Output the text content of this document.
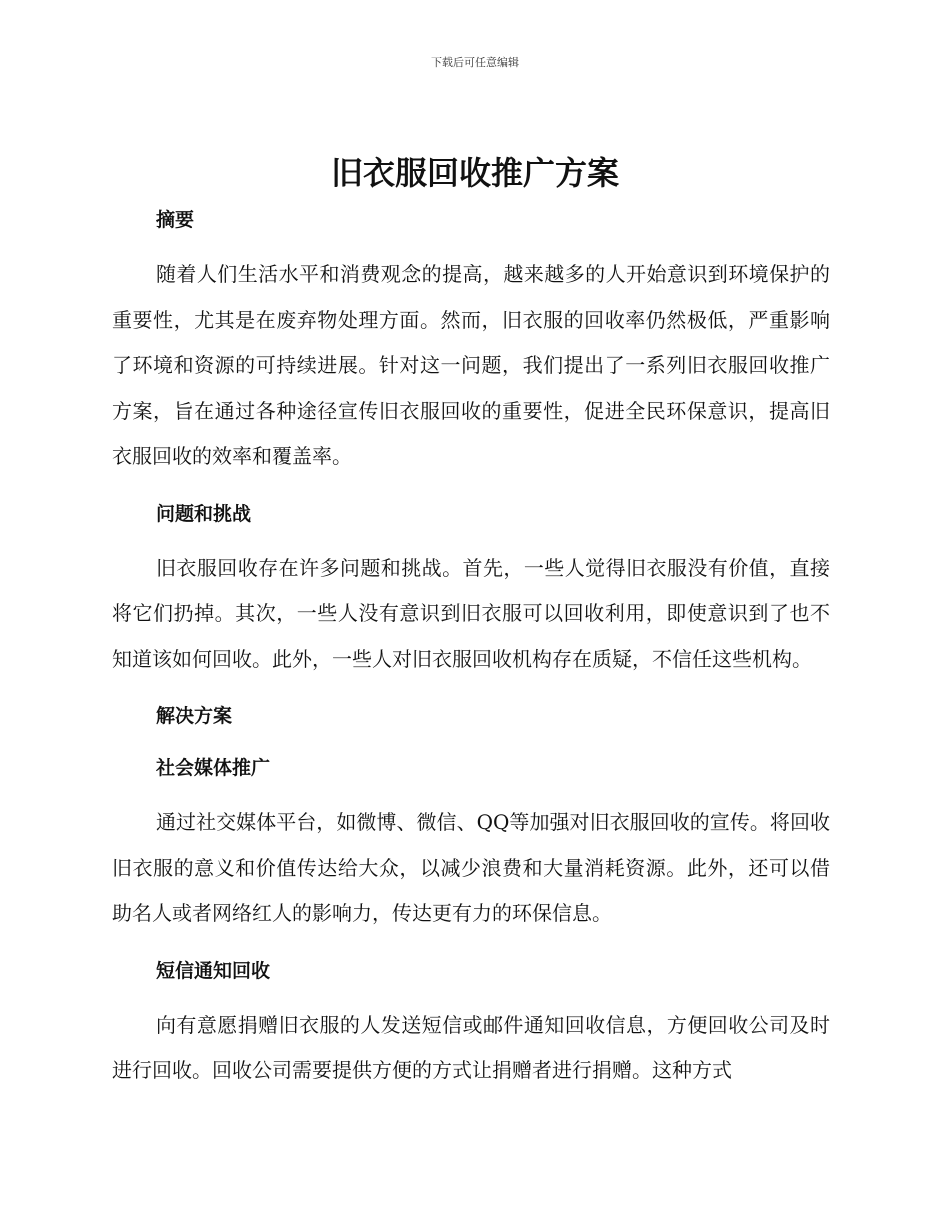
下载后可任意编辑
旧衣服回收推广方案
摘要

随着人们生活水平和消费观念的提高，越来越多的人开始意识到环境保护的重要性，尤其是在废弃物处理方面。然而，旧衣服的回收率仍然极低，严重影响了环境和资源的可持续进展。针对这一问题，我们提出了一系列旧衣服回收推广方案，旨在通过各种途径宣传旧衣服回收的重要性，促进全民环保意识，提高旧衣服回收的效率和覆盖率。

问题和挑战

旧衣服回收存在许多问题和挑战。首先，一些人觉得旧衣服没有价值，直接将它们扔掉。其次，一些人没有意识到旧衣服可以回收利用，即使意识到了也不知道该如何回收。此外，一些人对旧衣服回收机构存在质疑，不信任这些机构。

解决方案
社会媒体推广

通过社交媒体平台，如微博、微信、QQ等加强对旧衣服回收的宣传。将回收旧衣服的意义和价值传达给大众，以减少浪费和大量消耗资源。此外，还可以借助名人或者网络红人的影响力，传达更有力的环保信息。

短信通知回收

向有意愿捐赠旧衣服的人发送短信或邮件通知回收信息，方便回收公司及时进行回收。回收公司需要提供方便的方式让捐赠者进行捐赠。这种方式
